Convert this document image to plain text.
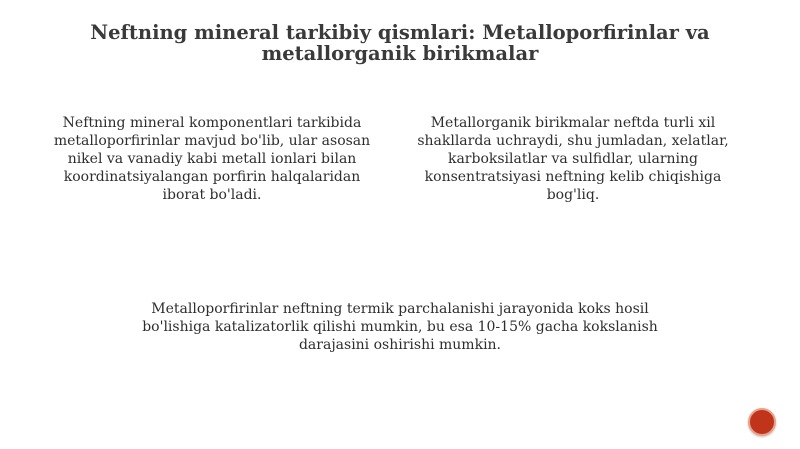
Neftning mineral tarkibiy qismlari: Metalloporfirinlar va metallorganik birikmalar
Neftning mineral komponentlari tarkibida metalloporfirinlar mavjud bo'lib, ular asosan nikel va vanadiy kabi metall ionlari bilan koordinatsiyalangan porfirin halqalaridan iborat bo'ladi.
Metallorganik birikmalar neftda turli xil shakllarda uchraydi, shu jumladan, xelatlar, karboksilatlar va sulfidlar, ularning konsentratsiyasi neftning kelib chiqishiga bog'liq.
Metalloporfirinlar neftning termik parchalanishi jarayonida koks hosil bo'lishiga katalizatorlik qilishi mumkin, bu esa 10-15% gacha kokslanish darajasini oshirishi mumkin.
